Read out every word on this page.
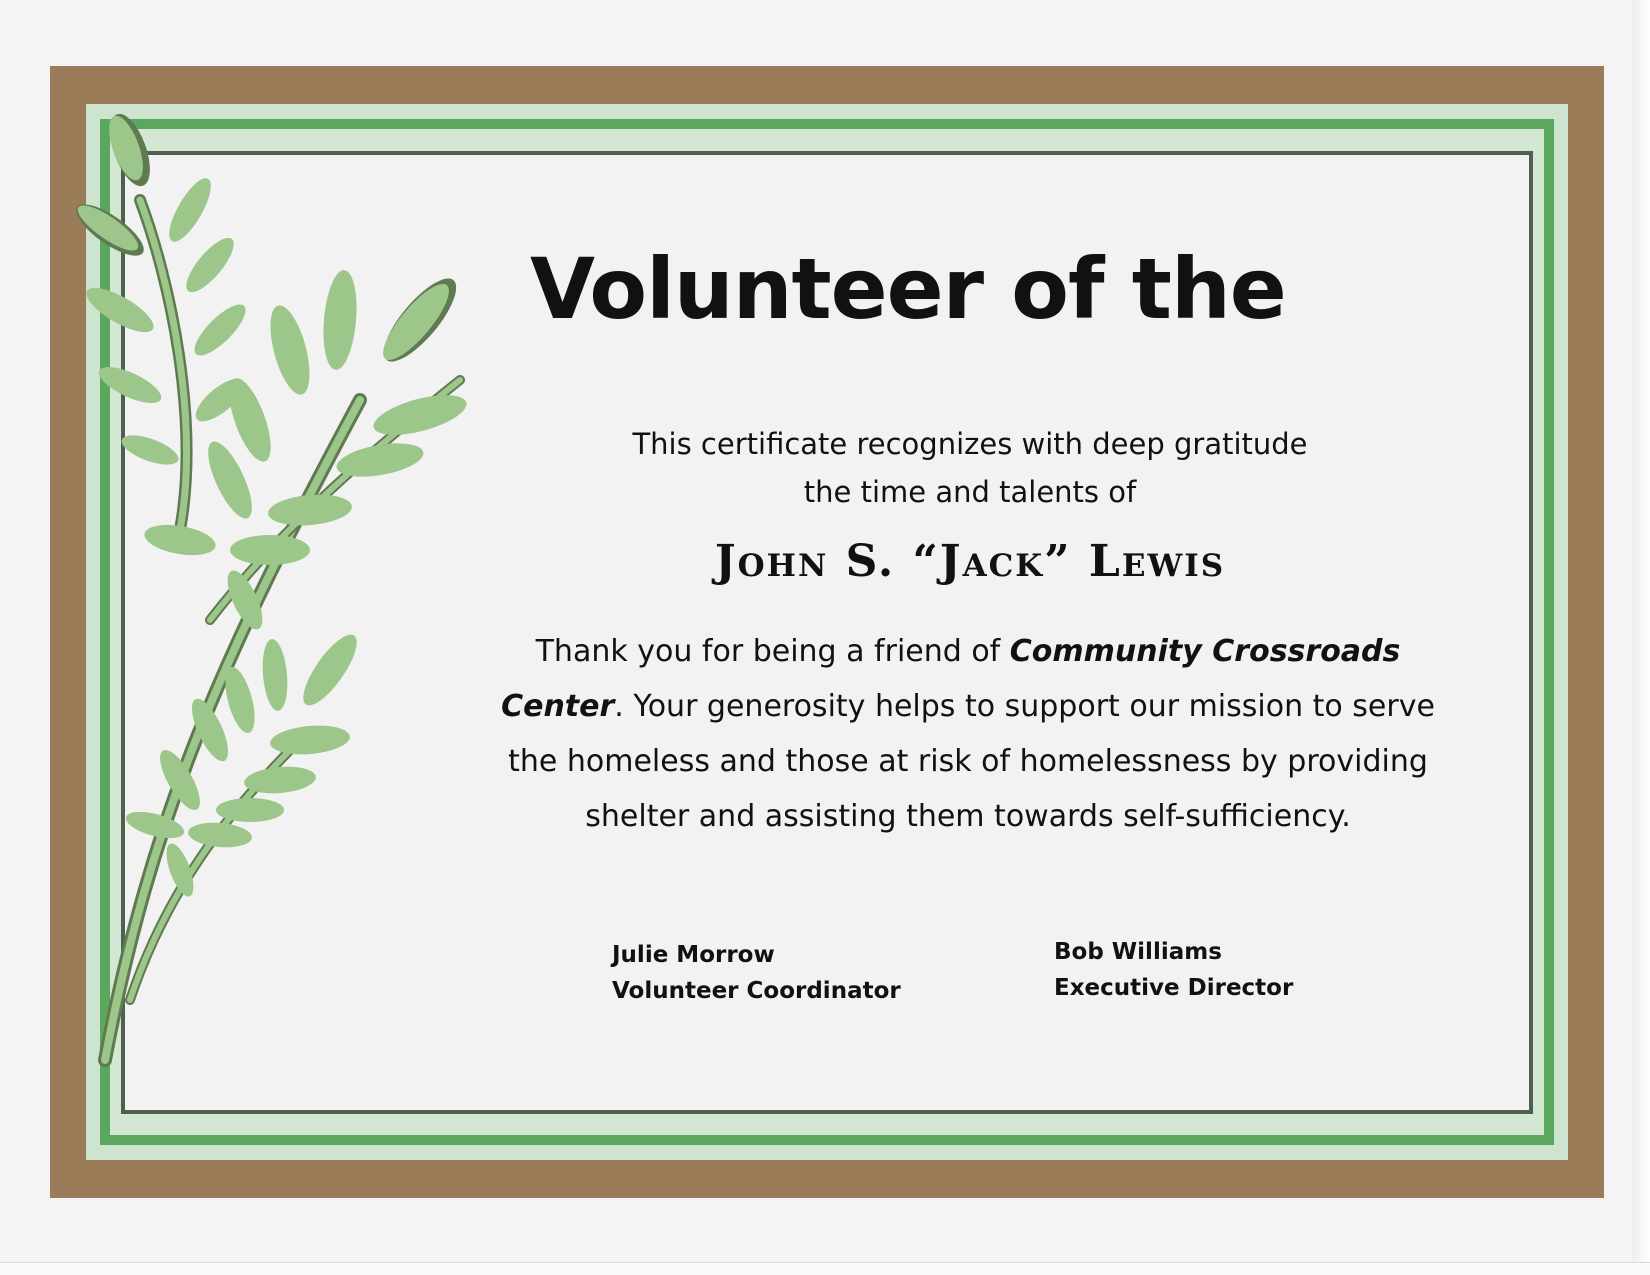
Volunteer of the

This certificate recognizes with deep gratitude
the time and talents of

John S. “Jack” Lewis

Thank you for being a friend of Community Crossroads Center. Your generosity helps to support our mission to serve the homeless and those at risk of homelessness by providing shelter and assisting them towards self-sufficiency.

Julie Morrow
Volunteer Coordinator
Bob Williams
Executive Director
